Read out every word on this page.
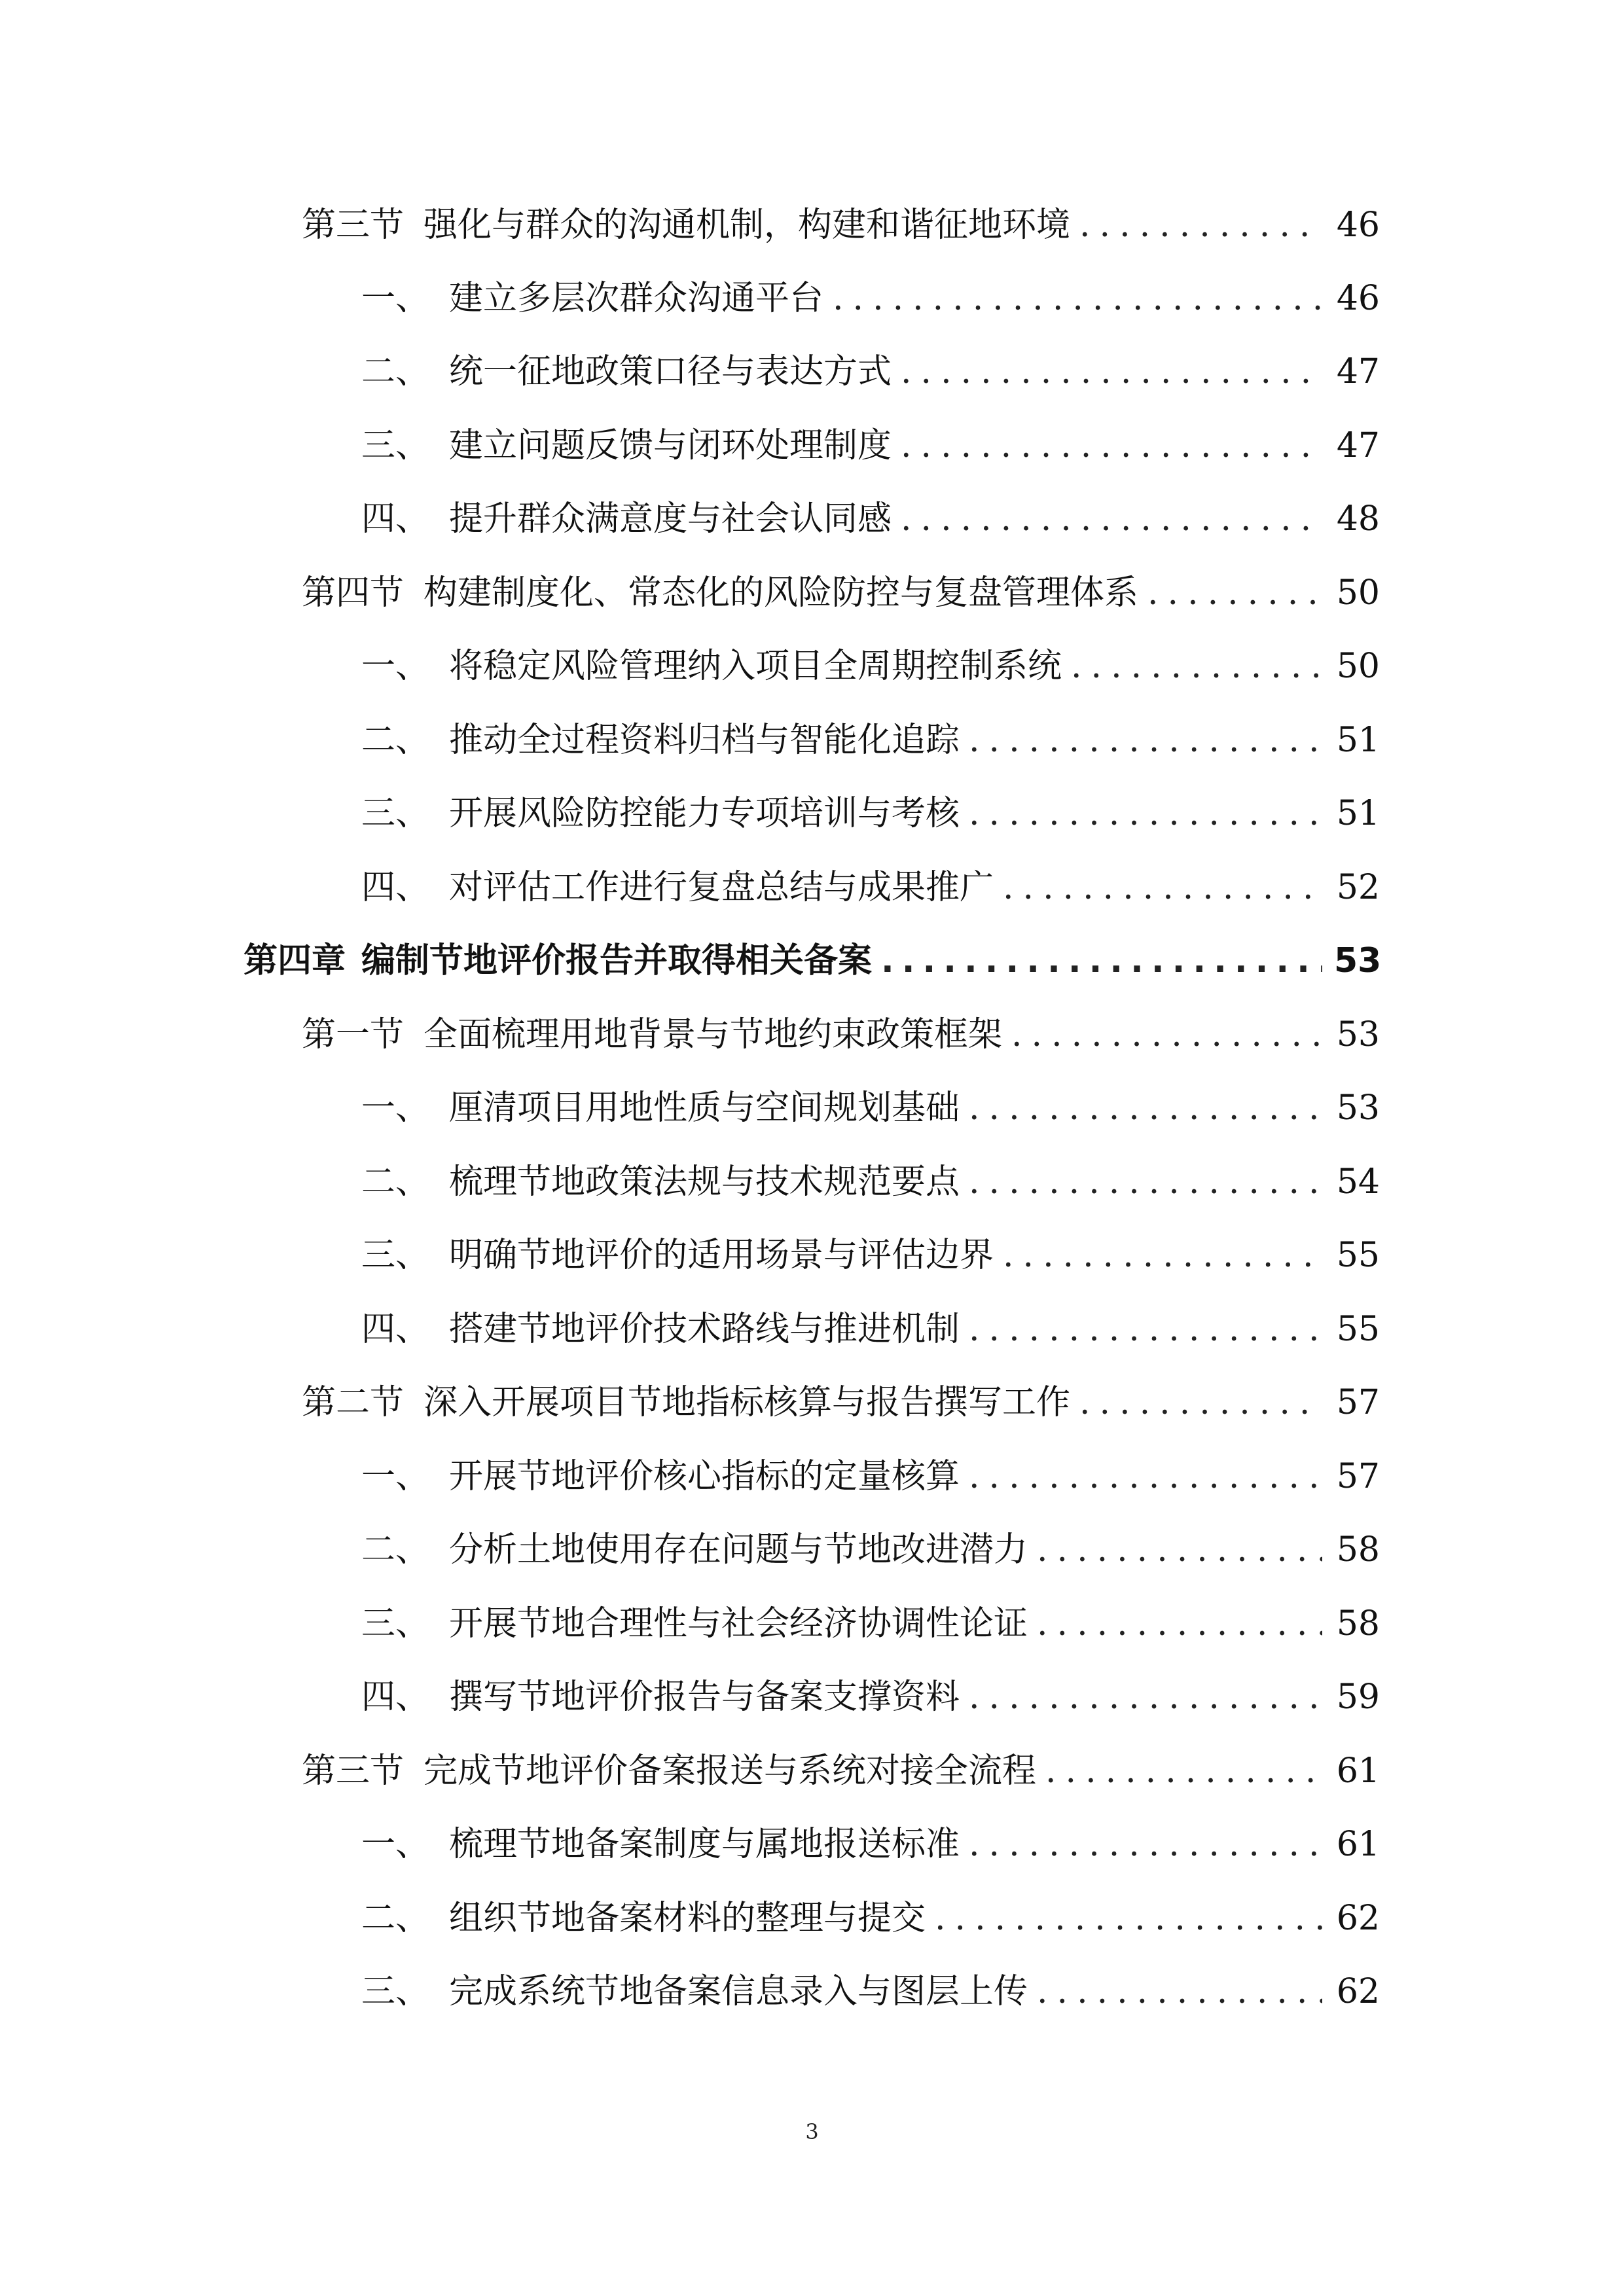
第三节 强化与群众的沟通机制，构建和谐征地环境 .....	46
一、 建立多层次群众沟通平台 .....	46
二、 统一征地政策口径与表达方式 .....	47
三、 建立问题反馈与闭环处理制度 .....	47
四、 提升群众满意度与社会认同感 .....	48
第四节 构建制度化、常态化的风险防控与复盘管理体系 .....	50
一、 将稳定风险管理纳入项目全周期控制系统 .....	50
二、 推动全过程资料归档与智能化追踪 .....	51
三、 开展风险防控能力专项培训与考核 .....	51
四、 对评估工作进行复盘总结与成果推广 .....	52
第四章 编制节地评价报告并取得相关备案 .....	53
第一节 全面梳理用地背景与节地约束政策框架 .....	53
一、 厘清项目用地性质与空间规划基础 .....	53
二、 梳理节地政策法规与技术规范要点 .....	54
三、 明确节地评价的适用场景与评估边界 .....	55
四、 搭建节地评价技术路线与推进机制 .....	55
第二节 深入开展项目节地指标核算与报告撰写工作 .....	57
一、 开展节地评价核心指标的定量核算 .....	57
二、 分析土地使用存在问题与节地改进潜力 .....	58
三、 开展节地合理性与社会经济协调性论证 .....	58
四、 撰写节地评价报告与备案支撑资料 .....	59
第三节 完成节地评价备案报送与系统对接全流程 .....	61
一、 梳理节地备案制度与属地报送标准 .....	61
二、 组织节地备案材料的整理与提交 .....	62
三、 完成系统节地备案信息录入与图层上传 .....	62
3
